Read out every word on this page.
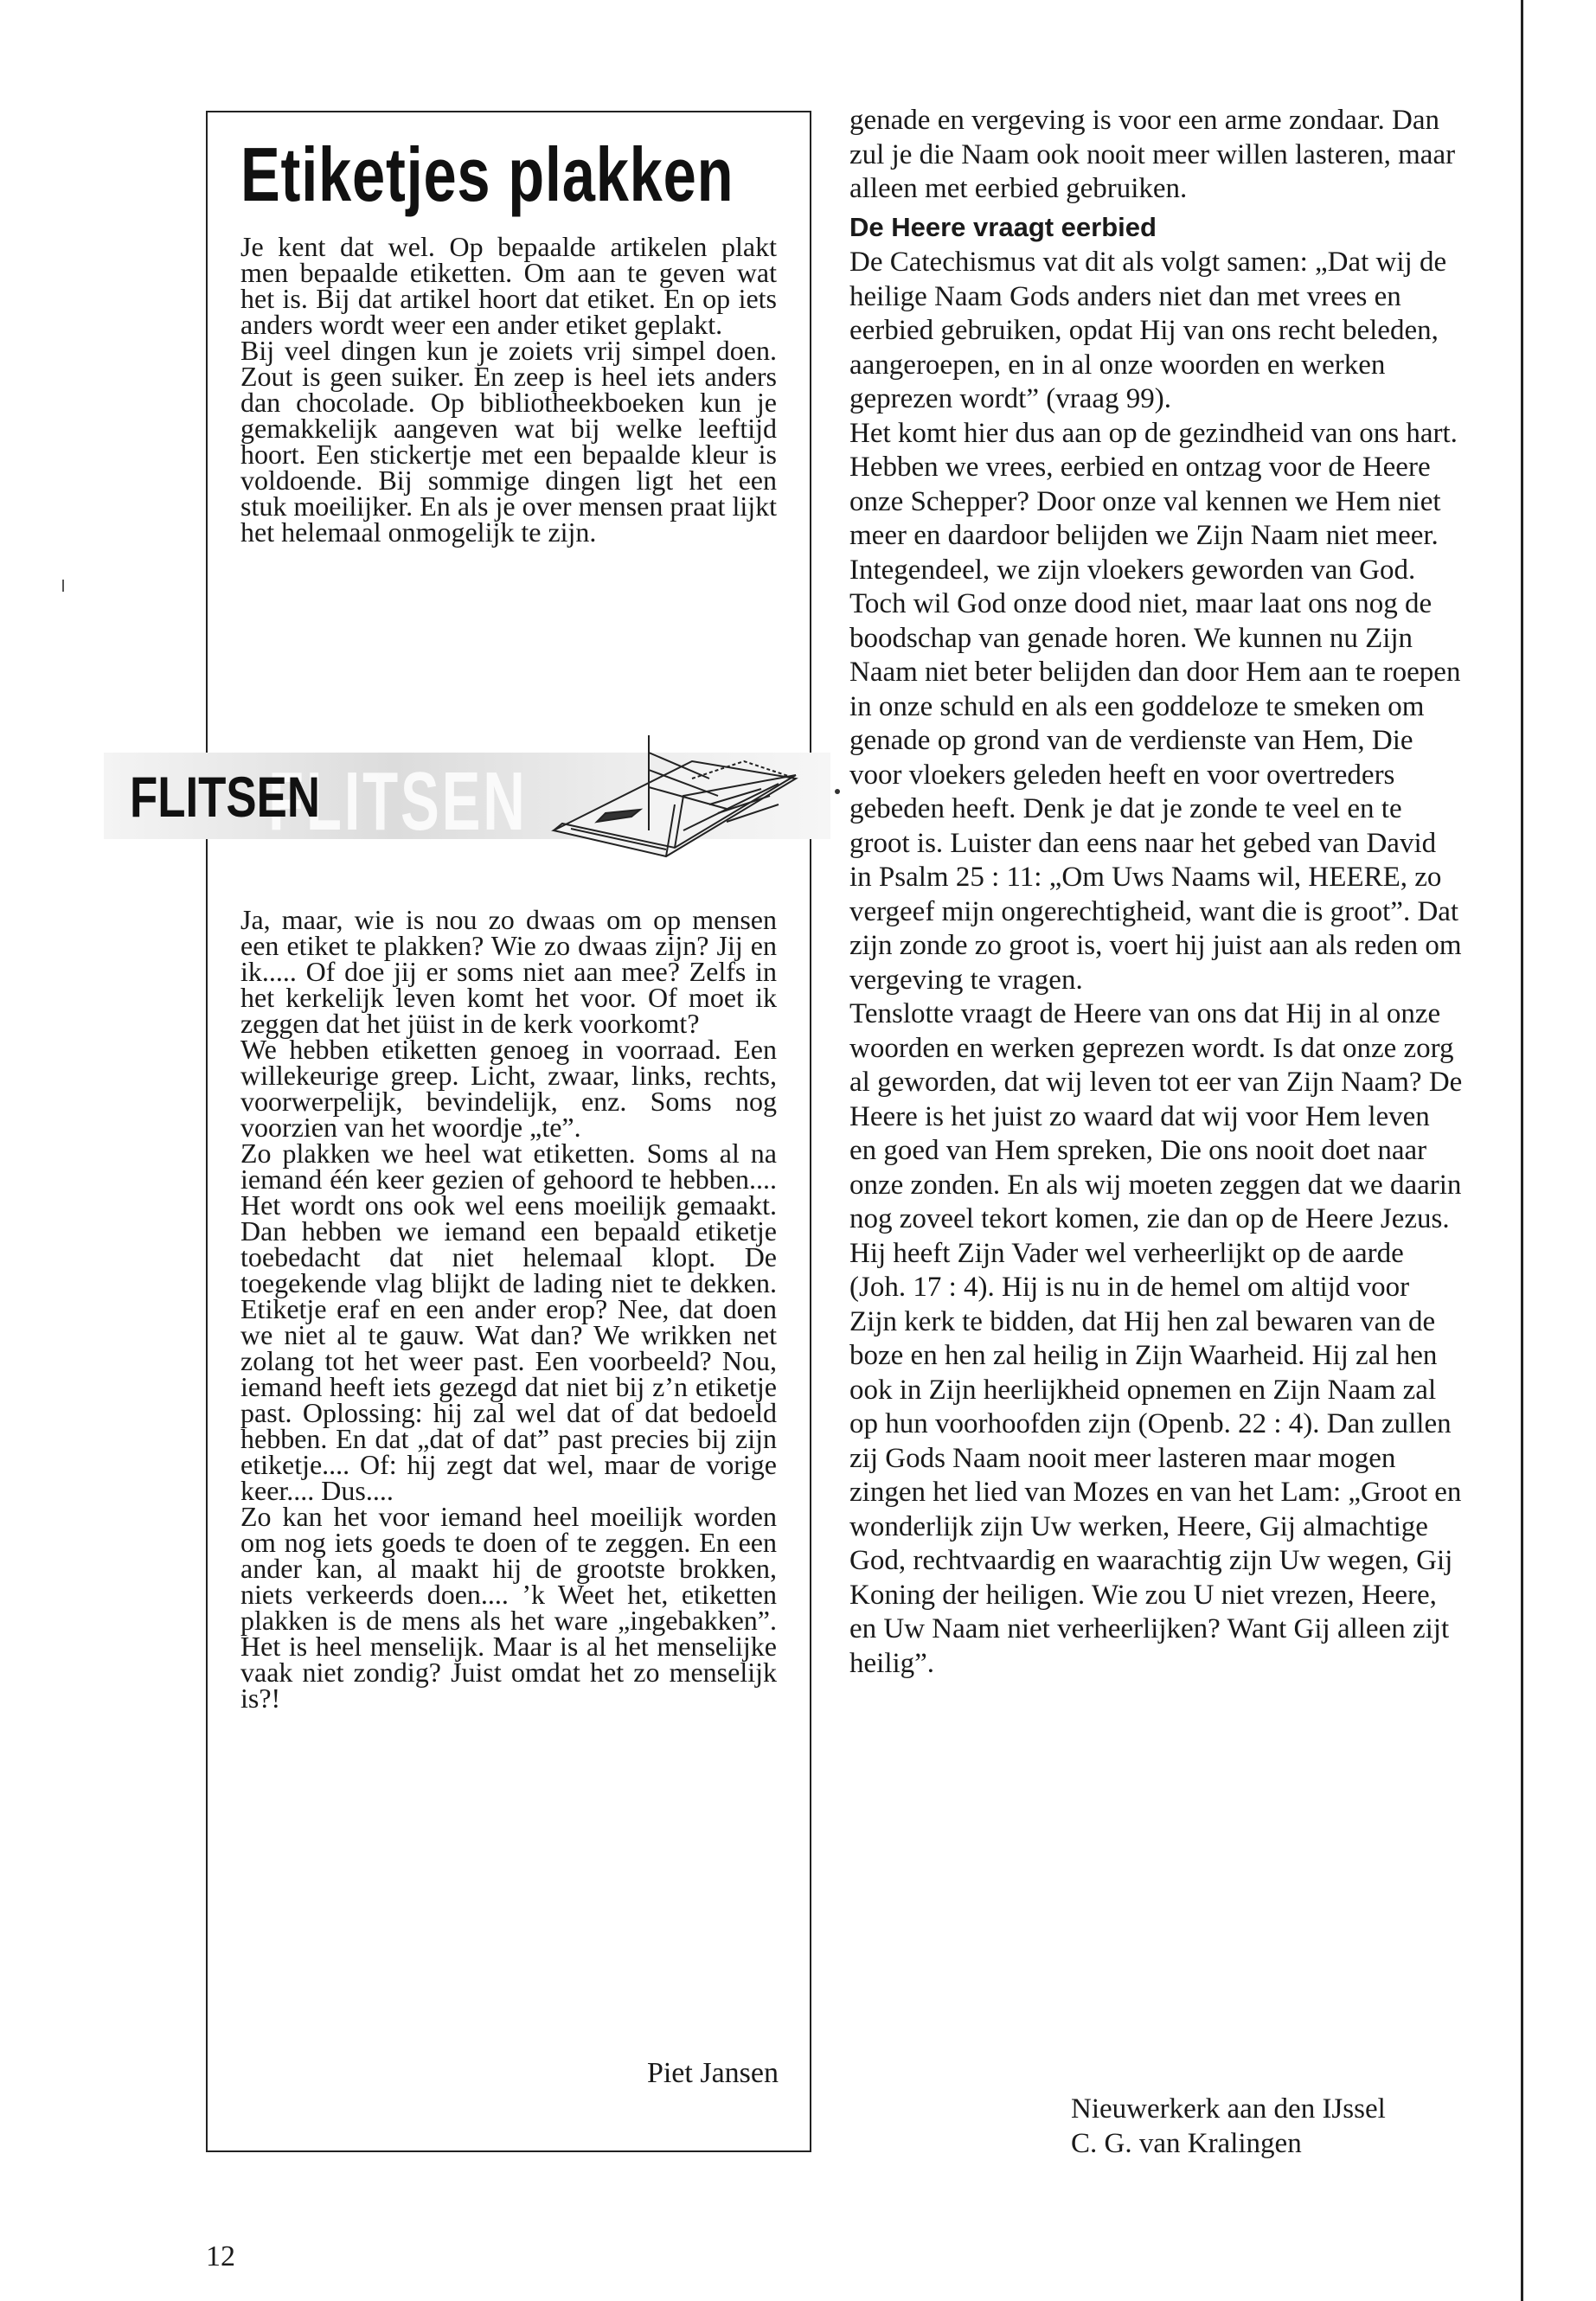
Etiketjes plakken
Je kent dat wel. Op bepaalde artikelen plakt men bepaalde etiketten. Om aan te geven wat het is. Bij dat artikel hoort dat etiket. En op iets anders wordt weer een ander etiket geplakt.
Bij veel dingen kun je zoiets vrij simpel doen. Zout is geen suiker. En zeep is heel iets anders dan chocolade. Op bibliotheekboeken kun je gemakkelijk aangeven wat bij welke leeftijd hoort. Een stickertje met een bepaalde kleur is voldoende. Bij sommige dingen ligt het een stuk moeilijker. En als je over mensen praat lijkt het helemaal onmogelijk te zijn.

FLITSEN

FLITSEN

Ja, maar, wie is nou zo dwaas om op mensen een etiket te plakken? Wie zo dwaas zijn? Jij en ik..... Of doe jij er soms niet aan mee? Zelfs in het kerkelijk leven komt het voor. Of moet ik zeggen dat het jüist in de kerk voorkomt?
We hebben etiketten genoeg in voorraad. Een willekeurige greep. Licht, zwaar, links, rechts, voorwerpelijk, bevindelijk, enz. Soms nog voorzien van het woordje „te”.
Zo plakken we heel wat etiketten. Soms al na iemand één keer gezien of gehoord te hebben.... Het wordt ons ook wel eens moeilijk gemaakt. Dan hebben we iemand een bepaald etiketje toebedacht dat niet helemaal klopt. De toegekende vlag blijkt de lading niet te dekken. Etiketje eraf en een ander erop? Nee, dat doen we niet al te gauw. Wat dan? We wrikken net zolang tot het weer past. Een voorbeeld? Nou, iemand heeft iets gezegd dat niet bij z’n etiketje past. Oplossing: hij zal wel dat of dat bedoeld hebben. En dat „dat of dat” past precies bij zijn etiketje.... Of: hij zegt dat wel, maar de vorige keer.... Dus....
Zo kan het voor iemand heel moeilijk worden om nog iets goeds te doen of te zeggen. En een ander kan, al maakt hij de grootste brokken, niets verkeerds doen.... ’k Weet het, etiketten plakken is de mens als het ware „ingebakken”. Het is heel menselijk. Maar is al het menselijke vaak niet zondig? Juist omdat het zo menselijk is?!

Piet Jansen

genade en vergeving is voor een arme zondaar. Dan zul je die Naam ook nooit meer willen lasteren, maar alleen met eerbied gebruiken.
De Heere vraagt eerbied
De Catechismus vat dit als volgt samen: „Dat wij de heilige Naam Gods anders niet dan met vrees en eerbied gebruiken, opdat Hij van ons recht beleden, aangeroepen, en in al onze woorden en werken geprezen wordt” (vraag 99).
Het komt hier dus aan op de gezindheid van ons hart. Hebben we vrees, eerbied en ontzag voor de Heere onze Schepper? Door onze val kennen we Hem niet meer en daardoor belijden we Zijn Naam niet meer. Integendeel, we zijn vloekers geworden van God. Toch wil God onze dood niet, maar laat ons nog de boodschap van genade horen. We kunnen nu Zijn Naam niet beter belijden dan door Hem aan te roepen in onze schuld en als een goddeloze te smeken om genade op grond van de verdienste van Hem, Die voor vloekers geleden heeft en voor overtreders gebeden heeft. Denk je dat je zonde te veel en te groot is. Luister dan eens naar het gebed van David in Psalm 25 : 11: „Om Uws Naams wil, HEERE, zo vergeef mijn ongerechtigheid, want die is groot”. Dat zijn zonde zo groot is, voert hij juist aan als reden om vergeving te vragen.
Tenslotte vraagt de Heere van ons dat Hij in al onze woorden en werken geprezen wordt. Is dat onze zorg al geworden, dat wij leven tot eer van Zijn Naam? De Heere is het juist zo waard dat wij voor Hem leven en goed van Hem spreken, Die ons nooit doet naar onze zonden. En als wij moeten zeggen dat we daarin nog zoveel tekort komen, zie dan op de Heere Jezus. Hij heeft Zijn Vader wel verheerlijkt op de aarde (Joh. 17 : 4). Hij is nu in de hemel om altijd voor Zijn kerk te bidden, dat Hij hen zal bewaren van de boze en hen zal heilig in Zijn Waarheid. Hij zal hen ook in Zijn heerlijkheid opnemen en Zijn Naam zal op hun voorhoofden zijn (Openb. 22 : 4). Dan zullen zij Gods Naam nooit meer lasteren maar mogen zingen het lied van Mozes en van het Lam: „Groot en wonderlijk zijn Uw werken, Heere, Gij almachtige God, rechtvaardig en waarachtig zijn Uw wegen, Gij Koning der heiligen. Wie zou U niet vrezen, Heere, en Uw Naam niet verheerlijken? Want Gij alleen zijt heilig”.
Nieuwerkerk aan den IJssel
C. G. van Kralingen

12
